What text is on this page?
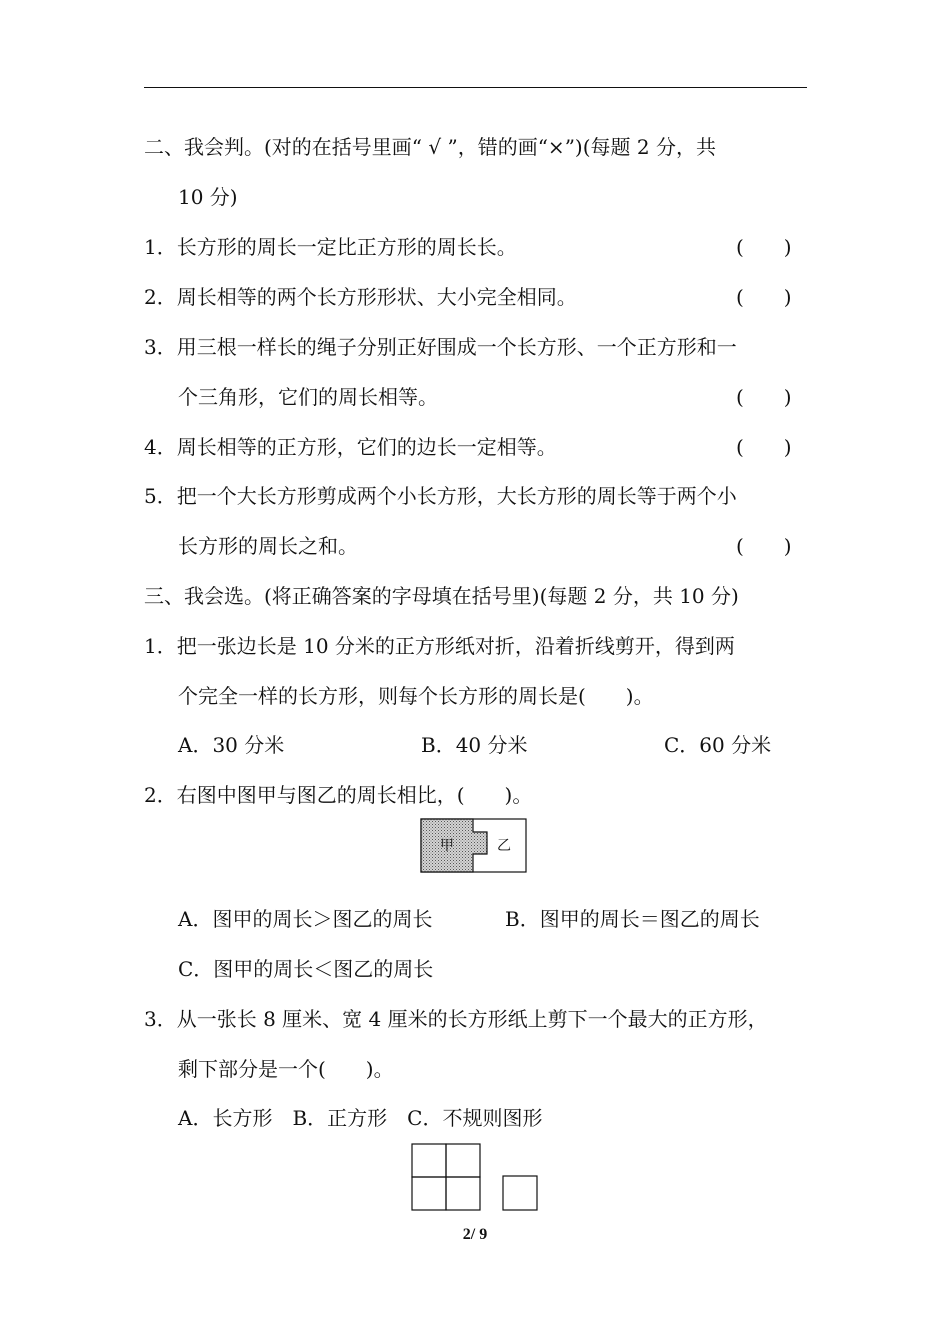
二、我会判。(对的在括号里画“ √ ”，错的画“×”)(每题 2 分，共
10 分)
1．长方形的周长一定比正方形的周长长。	(　　)
2．周长相等的两个长方形形状、大小完全相同。	(　　)
3．用三根一样长的绳子分别正好围成一个长方形、一个正方形和一
个三角形，它们的周长相等。	(　　)
4．周长相等的正方形，它们的边长一定相等。	(　　)
5．把一个大长方形剪成两个小长方形，大长方形的周长等于两个小
长方形的周长之和。	(　　)
三、我会选。(将正确答案的字母填在括号里)(每题 2 分，共 10 分)
1．把一张边长是 10 分米的正方形纸对折，沿着折线剪开，得到两
个完全一样的长方形，则每个长方形的周长是(　　)。
A．30 分米	B．40 分米	C．60 分米
2．右图中图甲与图乙的周长相比，(　　)。
甲	乙
A．图甲的周长＞图乙的周长	B．图甲的周长＝图乙的周长
C．图甲的周长＜图乙的周长
3．从一张长 8 厘米、宽 4 厘米的长方形纸上剪下一个最大的正方形，
剩下部分是一个(　　)。
A．长方形　B．正方形　C．不规则图形
2/ 9
